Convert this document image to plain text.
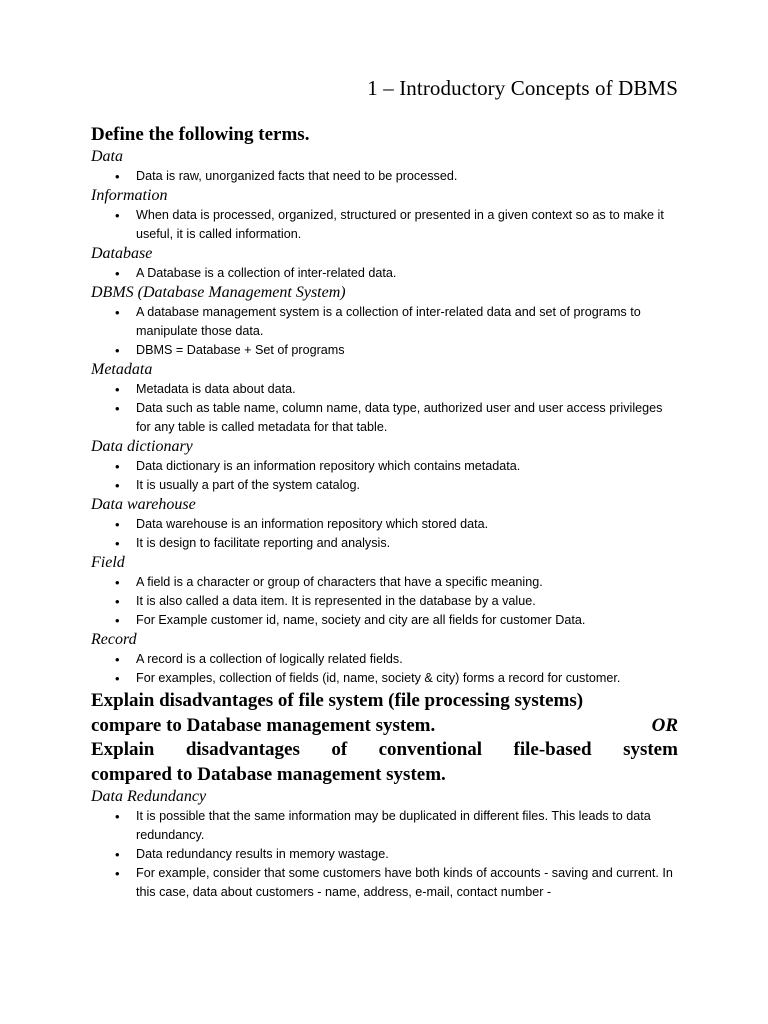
1 – Introductory Concepts of DBMS
Define the following terms.

Data

• Data is raw, unorganized facts that need to be processed.

Information

• When data is processed, organized, structured or presented in a given context so as to make it useful, it is called information.

Database

• A Database is a collection of inter-related data.

DBMS (Database Management System)

• A database management system is a collection of inter-related data and set of programs to manipulate those data.
• DBMS = Database + Set of programs

Metadata

• Metadata is data about data.
• Data such as table name, column name, data type, authorized user and user access privileges for any table is called metadata for that table.

Data dictionary

• Data dictionary is an information repository which contains metadata.
• It is usually a part of the system catalog.

Data warehouse

• Data warehouse is an information repository which stored data.
• It is design to facilitate reporting and analysis.

Field

• A field is a character or group of characters that have a specific meaning.
• It is also called a data item. It is represented in the database by a value.
• For Example customer id, name, society and city are all fields for customer Data.

Record

• A record is a collection of logically related fields.
• For examples, collection of fields (id, name, society & city) forms a record for customer.

Explain disadvantages of file system (file processing systems)

compare to Database management system.	OR

Explain disadvantages of conventional file-based system

compared to Database management system.

Data Redundancy

• It is possible that the same information may be duplicated in different files. This leads to data redundancy.
• Data redundancy results in memory wastage.
• For example, consider that some customers have both kinds of accounts - saving and current. In this case, data about customers - name, address, e-mail, contact number -
